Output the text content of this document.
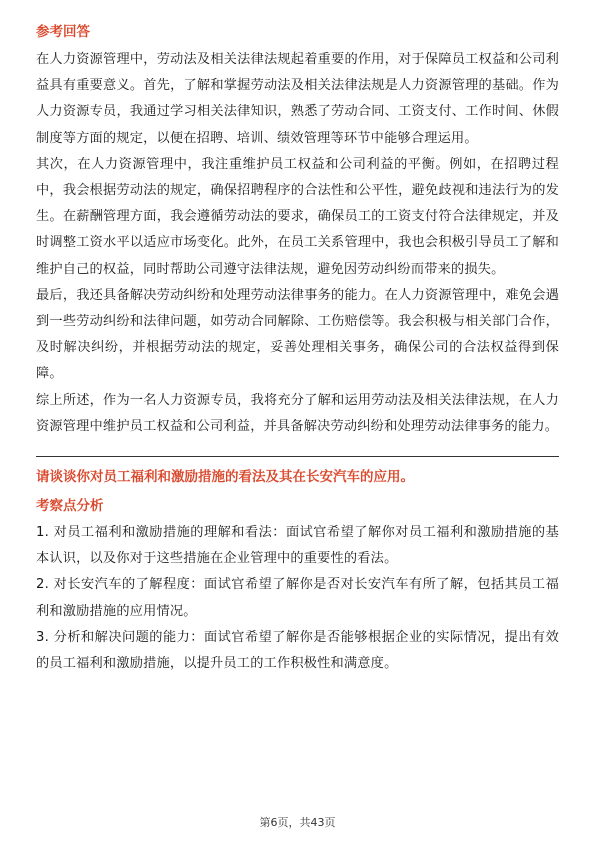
参考回答

在人力资源管理中，劳动法及相关法律法规起着重要的作用，对于保障员工权益和公司利益具有重要意义。首先，了解和掌握劳动法及相关法律法规是人力资源管理的基础。作为人力资源专员，我通过学习相关法律知识，熟悉了劳动合同、工资支付、工作时间、休假制度等方面的规定，以便在招聘、培训、绩效管理等环节中能够合理运用。

其次，在人力资源管理中，我注重维护员工权益和公司利益的平衡。例如，在招聘过程中，我会根据劳动法的规定，确保招聘程序的合法性和公平性，避免歧视和违法行为的发生。在薪酬管理方面，我会遵循劳动法的要求，确保员工的工资支付符合法律规定，并及时调整工资水平以适应市场变化。此外，在员工关系管理中，我也会积极引导员工了解和维护自己的权益，同时帮助公司遵守法律法规，避免因劳动纠纷而带来的损失。

最后，我还具备解决劳动纠纷和处理劳动法律事务的能力。在人力资源管理中，难免会遇到一些劳动纠纷和法律问题，如劳动合同解除、工伤赔偿等。我会积极与相关部门合作，及时解决纠纷，并根据劳动法的规定，妥善处理相关事务，确保公司的合法权益得到保障。

综上所述，作为一名人力资源专员，我将充分了解和运用劳动法及相关法律法规，在人力资源管理中维护员工权益和公司利益，并具备解决劳动纠纷和处理劳动法律事务的能力。

请谈谈你对员工福利和激励措施的看法及其在长安汽车的应用。
考察点分析

1. 对员工福利和激励措施的理解和看法：面试官希望了解你对员工福利和激励措施的基本认识，以及你对于这些措施在企业管理中的重要性的看法。

2. 对长安汽车的了解程度：面试官希望了解你是否对长安汽车有所了解，包括其员工福利和激励措施的应用情况。

3. 分析和解决问题的能力：面试官希望了解你是否能够根据企业的实际情况，提出有效的员工福利和激励措施，以提升员工的工作积极性和满意度。

第6页，共43页
